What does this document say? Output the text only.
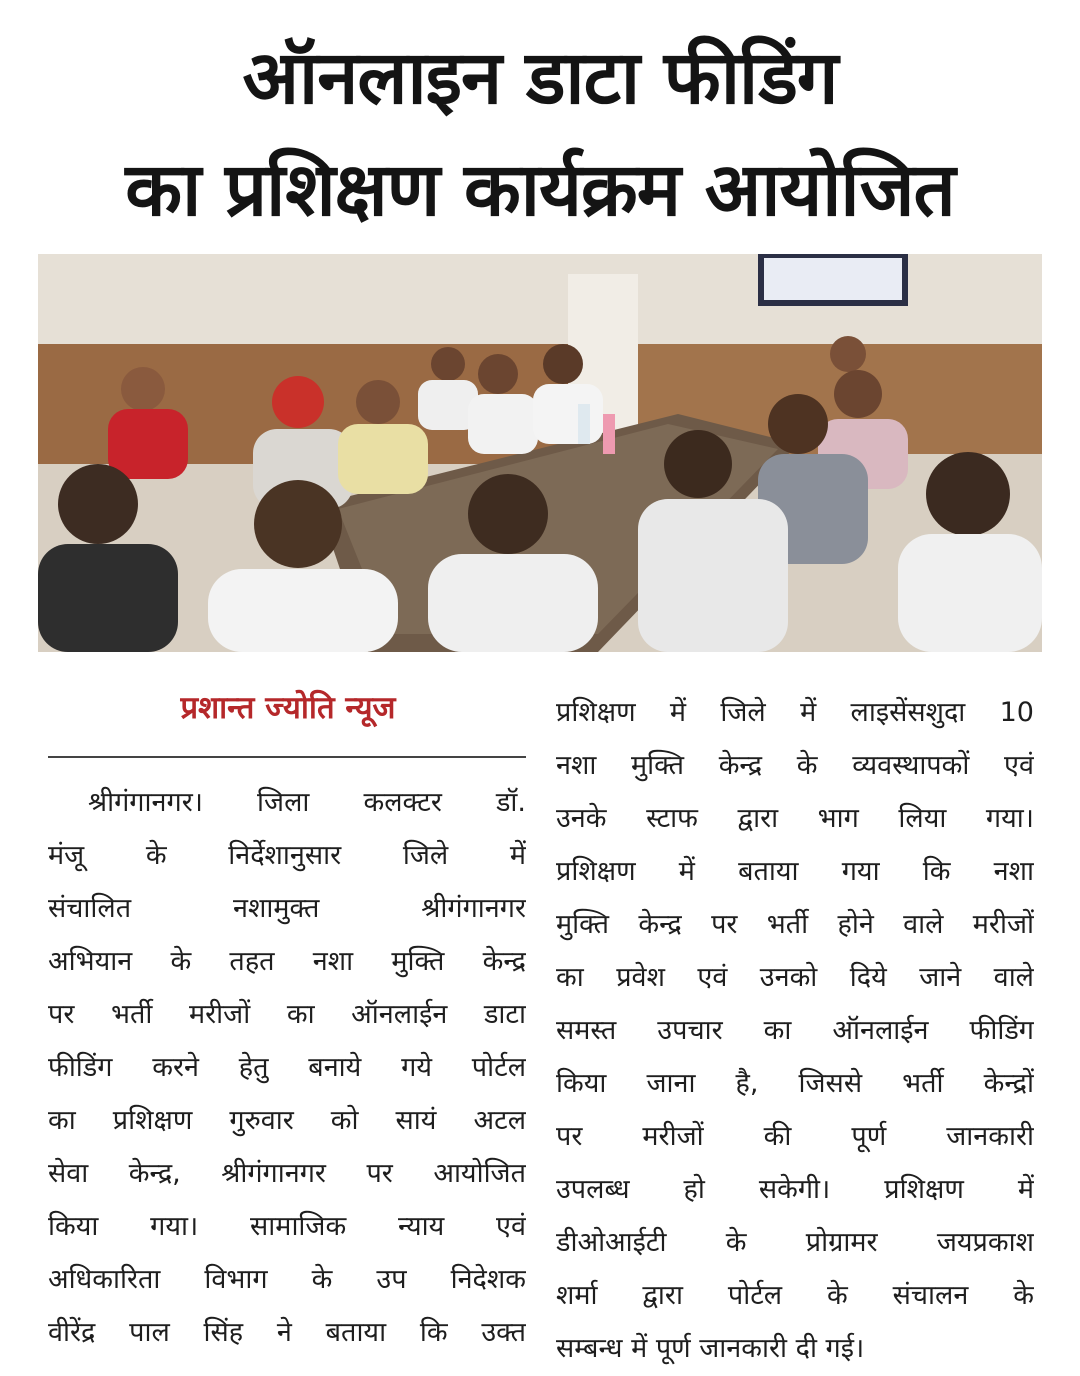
ऑनलाइन डाटा फीडिंग
का प्रशिक्षण कार्यक्रम आयोजित
प्रशान्त ज्योति न्यूज
श्रीगंगानगर। जिला कलक्टर डॉ.
मंजू के निर्देशानुसार जिले में
संचालित नशामुक्त श्रीगंगानगर
अभियान के तहत नशा मुक्ति केन्द्र
पर भर्ती मरीजों का ऑनलाईन डाटा
फीडिंग करने हेतु बनाये गये पोर्टल
का प्रशिक्षण गुरुवार को सायं अटल
सेवा केन्द्र, श्रीगंगानगर पर आयोजित
किया गया। सामाजिक न्याय एवं
अधिकारिता विभाग के उप निदेशक
वीरेंद्र पाल सिंह ने बताया कि उक्त
प्रशिक्षण में जिले में लाइसेंसशुदा 10
नशा मुक्ति केन्द्र के व्यवस्थापकों एवं
उनके स्टाफ द्वारा भाग लिया गया।
प्रशिक्षण में बताया गया कि नशा
मुक्ति केन्द्र पर भर्ती होने वाले मरीजों
का प्रवेश एवं उनको दिये जाने वाले
समस्त उपचार का ऑनलाईन फीडिंग
किया जाना है, जिससे भर्ती केन्द्रों
पर मरीजों की पूर्ण जानकारी
उपलब्ध हो सकेगी। प्रशिक्षण में
डीओआईटी के प्रोग्रामर जयप्रकाश
शर्मा द्वारा पोर्टल के संचालन के
सम्बन्ध में पूर्ण जानकारी दी गई।
